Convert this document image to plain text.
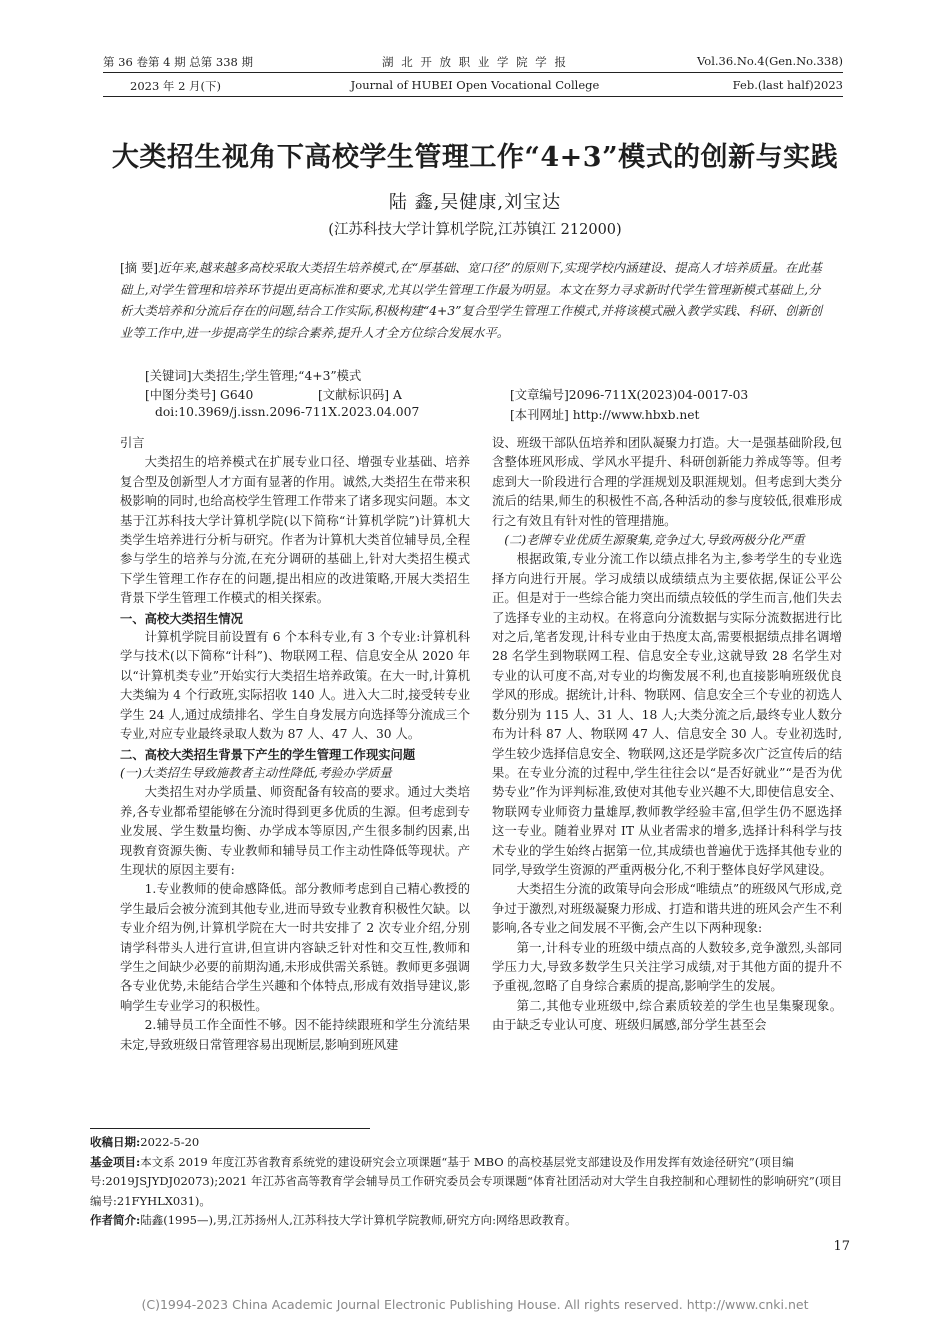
第 36 卷第 4 期 总第 338 期	湖 北 开 放 职 业 学 院 学 报	Vol.36.No.4(Gen.No.338)
2023 年 2 月(下)	Journal of HUBEI Open Vocational College	Feb.(last half)2023
大类招生视角下高校学生管理工作“4+3”模式的创新与实践
陆 鑫,吴健康,刘宝达
(江苏科技大学计算机学院,江苏镇江 212000)
[摘 要]近年来,越来越多高校采取大类招生培养模式,在“厚基础、宽口径”的原则下,实现学校内涵建设、提高人才培养质量。在此基础上,对学生管理和培养环节提出更高标准和要求,尤其以学生管理工作最为明显。本文在努力寻求新时代学生管理新模式基础上,分析大类培养和分流后存在的问题,结合工作实际,积极构建“4+3”复合型学生管理工作模式,并将该模式融入教学实践、科研、创新创业等工作中,进一步提高学生的综合素养,提升人才全方位综合发展水平。
[关键词]大类招生;学生管理;“4+3”模式
[中图分类号] G640	[文献标识码] A	[文章编号]2096-711X(2023)04-0017-03
doi:10.3969/j.issn.2096-711X.2023.04.007	[本刊网址] http://www.hbxb.net
引言

大类招生的培养模式在扩展专业口径、增强专业基础、培养复合型及创新型人才方面有显著的作用。诚然,大类招生在带来积极影响的同时,也给高校学生管理工作带来了诸多现实问题。本文基于江苏科技大学计算机学院(以下简称“计算机学院”)计算机大类学生培养进行分析与研究。作者为计算机大类首位辅导员,全程参与学生的培养与分流,在充分调研的基础上,针对大类招生模式下学生管理工作存在的问题,提出相应的改进策略,开展大类招生背景下学生管理工作模式的相关探索。

一、高校大类招生情况

计算机学院目前设置有 6 个本科专业,有 3 个专业:计算机科学与技术(以下简称“计科”)、物联网工程、信息安全从 2020 年以“计算机类专业”开始实行大类招生培养政策。在大一时,计算机大类编为 4 个行政班,实际招收 140 人。进入大二时,接受转专业学生 24 人,通过成绩排名、学生自身发展方向选择等分流成三个专业,对应专业最终录取人数为 87 人、47 人、30 人。

二、高校大类招生背景下产生的学生管理工作现实问题
(一)大类招生导致施教者主动性降低,考验办学质量

大类招生对办学质量、师资配备有较高的要求。通过大类培养,各专业都希望能够在分流时得到更多优质的生源。但考虑到专业发展、学生数量均衡、办学成本等原因,产生很多制约因素,出现教育资源失衡、专业教师和辅导员工作主动性降低等现状。产生现状的原因主要有:

1.专业教师的使命感降低。部分教师考虑到自己精心教授的学生最后会被分流到其他专业,进而导致专业教育积极性欠缺。以专业介绍为例,计算机学院在大一时共安排了 2 次专业介绍,分别请学科带头人进行宣讲,但宣讲内容缺乏针对性和交互性,教师和学生之间缺少必要的前期沟通,未形成供需关系链。教师更多强调各专业优势,未能结合学生兴趣和个体特点,形成有效指导建议,影响学生专业学习的积极性。

2.辅导员工作全面性不够。因不能持续跟班和学生分流结果未定,导致班级日常管理容易出现断层,影响到班风建

设、班级干部队伍培养和团队凝聚力打造。大一是强基础阶段,包含整体班风形成、学风水平提升、科研创新能力养成等等。但考虑到大一阶段进行合理的学涯规划及职涯规划。但考虑到大类分流后的结果,师生的积极性不高,各种活动的参与度较低,很难形成行之有效且有针对性的管理措施。

(二)老牌专业优质生源聚集,竞争过大,导致两极分化严重

根据政策,专业分流工作以绩点排名为主,参考学生的专业选择方向进行开展。学习成绩以成绩绩点为主要依据,保证公平公正。但是对于一些综合能力突出而绩点较低的学生而言,他们失去了选择专业的主动权。在将意向分流数据与实际分流数据进行比对之后,笔者发现,计科专业由于热度太高,需要根据绩点排名调增 28 名学生到物联网工程、信息安全专业,这就导致 28 名学生对专业的认可度不高,对专业的均衡发展不利,也直接影响班级优良学风的形成。据统计,计科、物联网、信息安全三个专业的初选人数分别为 115 人、31 人、18 人;大类分流之后,最终专业人数分布为计科 87 人、物联网 47 人、信息安全 30 人。专业初选时,学生较少选择信息安全、物联网,这还是学院多次广泛宣传后的结果。在专业分流的过程中,学生往往会以“是否好就业”“是否为优势专业”作为评判标准,致使对其他专业兴趣不大,即使信息安全、物联网专业师资力量雄厚,教师教学经验丰富,但学生仍不愿选择这一专业。随着业界对 IT 从业者需求的增多,选择计科科学与技术专业的学生始终占据第一位,其成绩也普遍优于选择其他专业的同学,导致学生资源的严重两极分化,不利于整体良好学风建设。

大类招生分流的政策导向会形成“唯绩点”的班级风气形成,竞争过于激烈,对班级凝聚力形成、打造和谐共进的班风会产生不利影响,各专业之间发展不平衡,会产生以下两种现象:

第一,计科专业的班级中绩点高的人数较多,竞争激烈,头部同学压力大,导致多数学生只关注学习成绩,对于其他方面的提升不予重视,忽略了自身综合素质的提高,影响学生的发展。

第二,其他专业班级中,综合素质较差的学生也呈集聚现象。由于缺乏专业认可度、班级归属感,部分学生甚至会

收稿日期:2022-5-20

基金项目:本文系 2019 年度江苏省教育系统党的建设研究会立项课题“基于 MBO 的高校基层党支部建设及作用发挥有效途径研究”(项目编号:2019JSJYDJ02073);2021 年江苏省高等教育学会辅导员工作研究委员会专项课题“体育社团活动对大学生自我控制和心理韧性的影响研究”(项目编号:21FYHLX031)。

作者简介:陆鑫(1995—),男,江苏扬州人,江苏科技大学计算机学院教师,研究方向:网络思政教育。

17
(C)1994-2023 China Academic Journal Electronic Publishing House. All rights reserved. http://www.cnki.net
